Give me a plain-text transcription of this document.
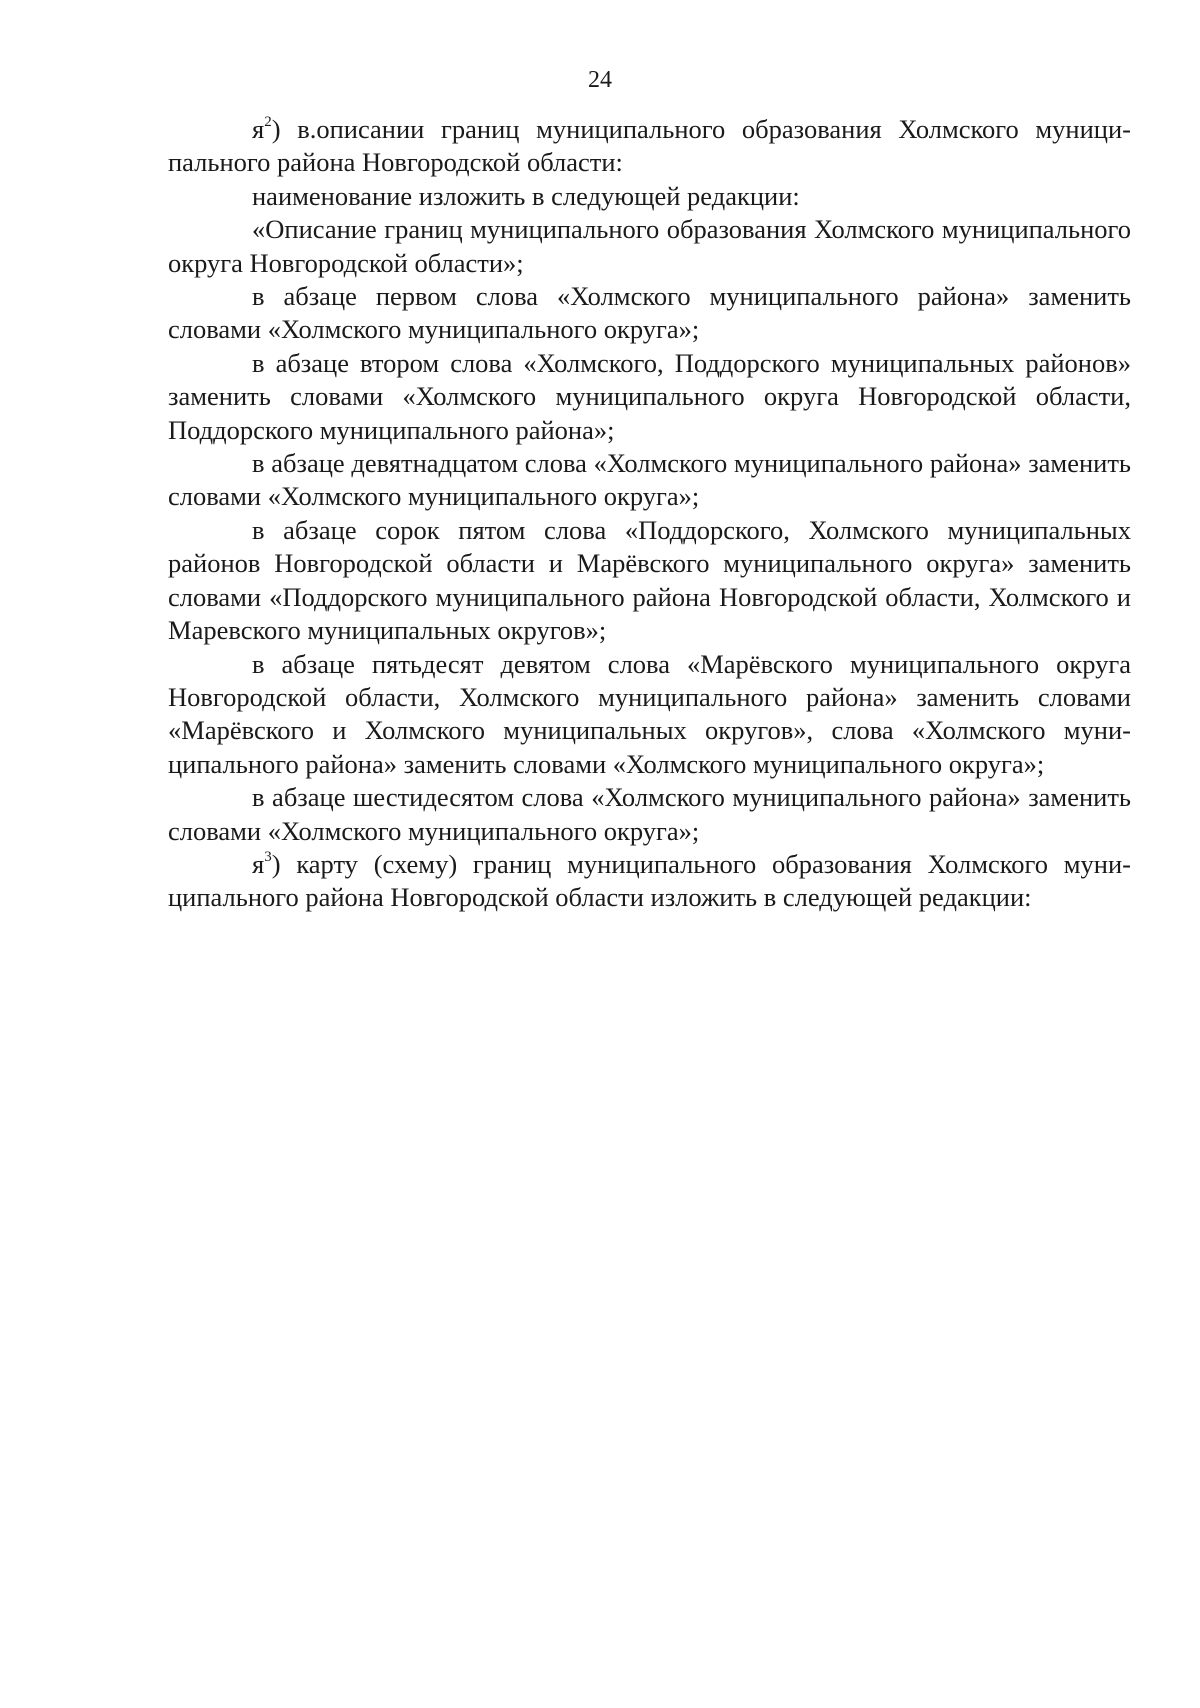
24

$я^2$) в.описании границ муниципального образования Холмского муниципального района Новгородской области:

наименование изложить в следующей редакции:

«Описание границ муниципального образования Холмского муниципального округа Новгородской области»;

в абзаце первом слова «Холмского муниципального района» заменить словами «Холмского муниципального округа»;

в абзаце втором слова «Холмского, Поддорского муниципальных районов» заменить словами «Холмского муниципального округа Новгородской области, Поддорского муниципального района»;

в абзаце девятнадцатом слова «Холмского муниципального района» заменить словами «Холмского муниципального округа»;

в абзаце сорок пятом слова «Поддорского, Холмского муниципальных районов Новгородской области и Марёвского муниципального округа» заменить словами «Поддорского муниципального района Новгородской области, Холмского и Маревского муниципальных округов»;

в абзаце пятьдесят девятом слова «Марёвского муниципального округа Новгородской области, Холмского муниципального района» заменить словами «Марёвского и Холмского муниципальных округов», слова «Холмского муниципального района» заменить словами «Холмского муниципального округа»;

в абзаце шестидесятом слова «Холмского муниципального района» заменить словами «Холмского муниципального округа»;

$я^3$) карту (схему) границ муниципального образования Холмского муниципального района Новгородской области изложить в следующей редакции:
